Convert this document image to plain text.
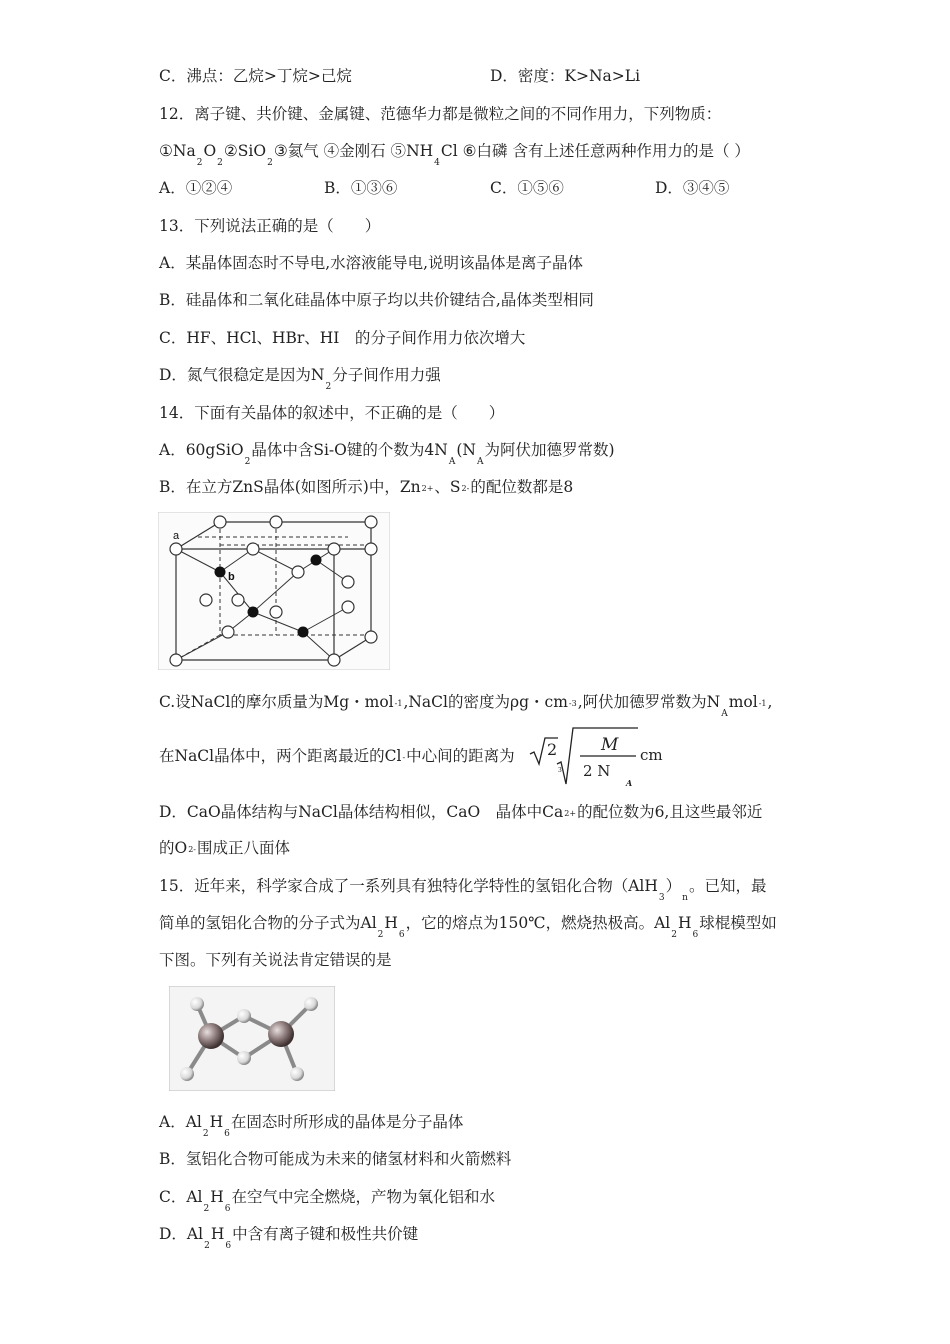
C．沸点：乙烷>丁烷>己烷	D．密度：K>Na>Li
12．离子键、共价键、金属键、范德华力都是微粒之间的不同作用力，下列物质：
$①Na_2O_2②SiO_2③$氦气 ④金刚石 $⑤NH_4Cl$ ⑥白磷 含有上述任意两种作用力的是（ ）
A．①②④	B．①③⑥	C．①⑤⑥	D．③④⑤
13．下列说法正确的是（　　）
A．某晶体固态时不导电,水溶液能导电,说明该晶体是离子晶体
B．硅晶体和二氧化硅晶体中原子均以共价键结合,晶体类型相同
C．HF、HCl、HBr、HI　的分子间作用力依次增大
D．氮气很稳定是因为$N_2$分子间作用力强
14．下面有关晶体的叙述中，不正确的是（　　）
A．60gSiO$_2$晶体中含Si-O键的个数为$4N_A(N_A$为阿伏加德罗常数)
B．在立方ZnS晶体(如图所示)中，Zn2+、S2-的配位数都是8
a
b
C.设NaCl的摩尔质量为Mg・mol-1,NaCl的密度为ρg・cm-3,阿伏加德罗常数为$N_Amol-1$,
在NaCl晶体中，两个距离最近的Cl-中心间的距离为 2
3
M
2 N
A
cm
D．CaO晶体结构与NaCl晶体结构相似，CaO　晶体中Ca2+的配位数为6,且这些最邻近
的O2-围成正八面体
15．近年来，科学家合成了一系列具有独特化学特性的氢铝化合物$(AlH_3)_n$。已知，最
简单的氢铝化合物的分子式为$Al_2H_6$，它的熔点为150℃，燃烧热极高。$Al_2H_6$球棍模型如
下图。下列有关说法肯定错误的是
A．$Al_2H_6$在固态时所形成的晶体是分子晶体
B．氢铝化合物可能成为未来的储氢材料和火箭燃料
C．$Al_2H_6$在空气中完全燃烧，产物为氧化铝和水
D．$Al_2H_6$中含有离子键和极性共价键
